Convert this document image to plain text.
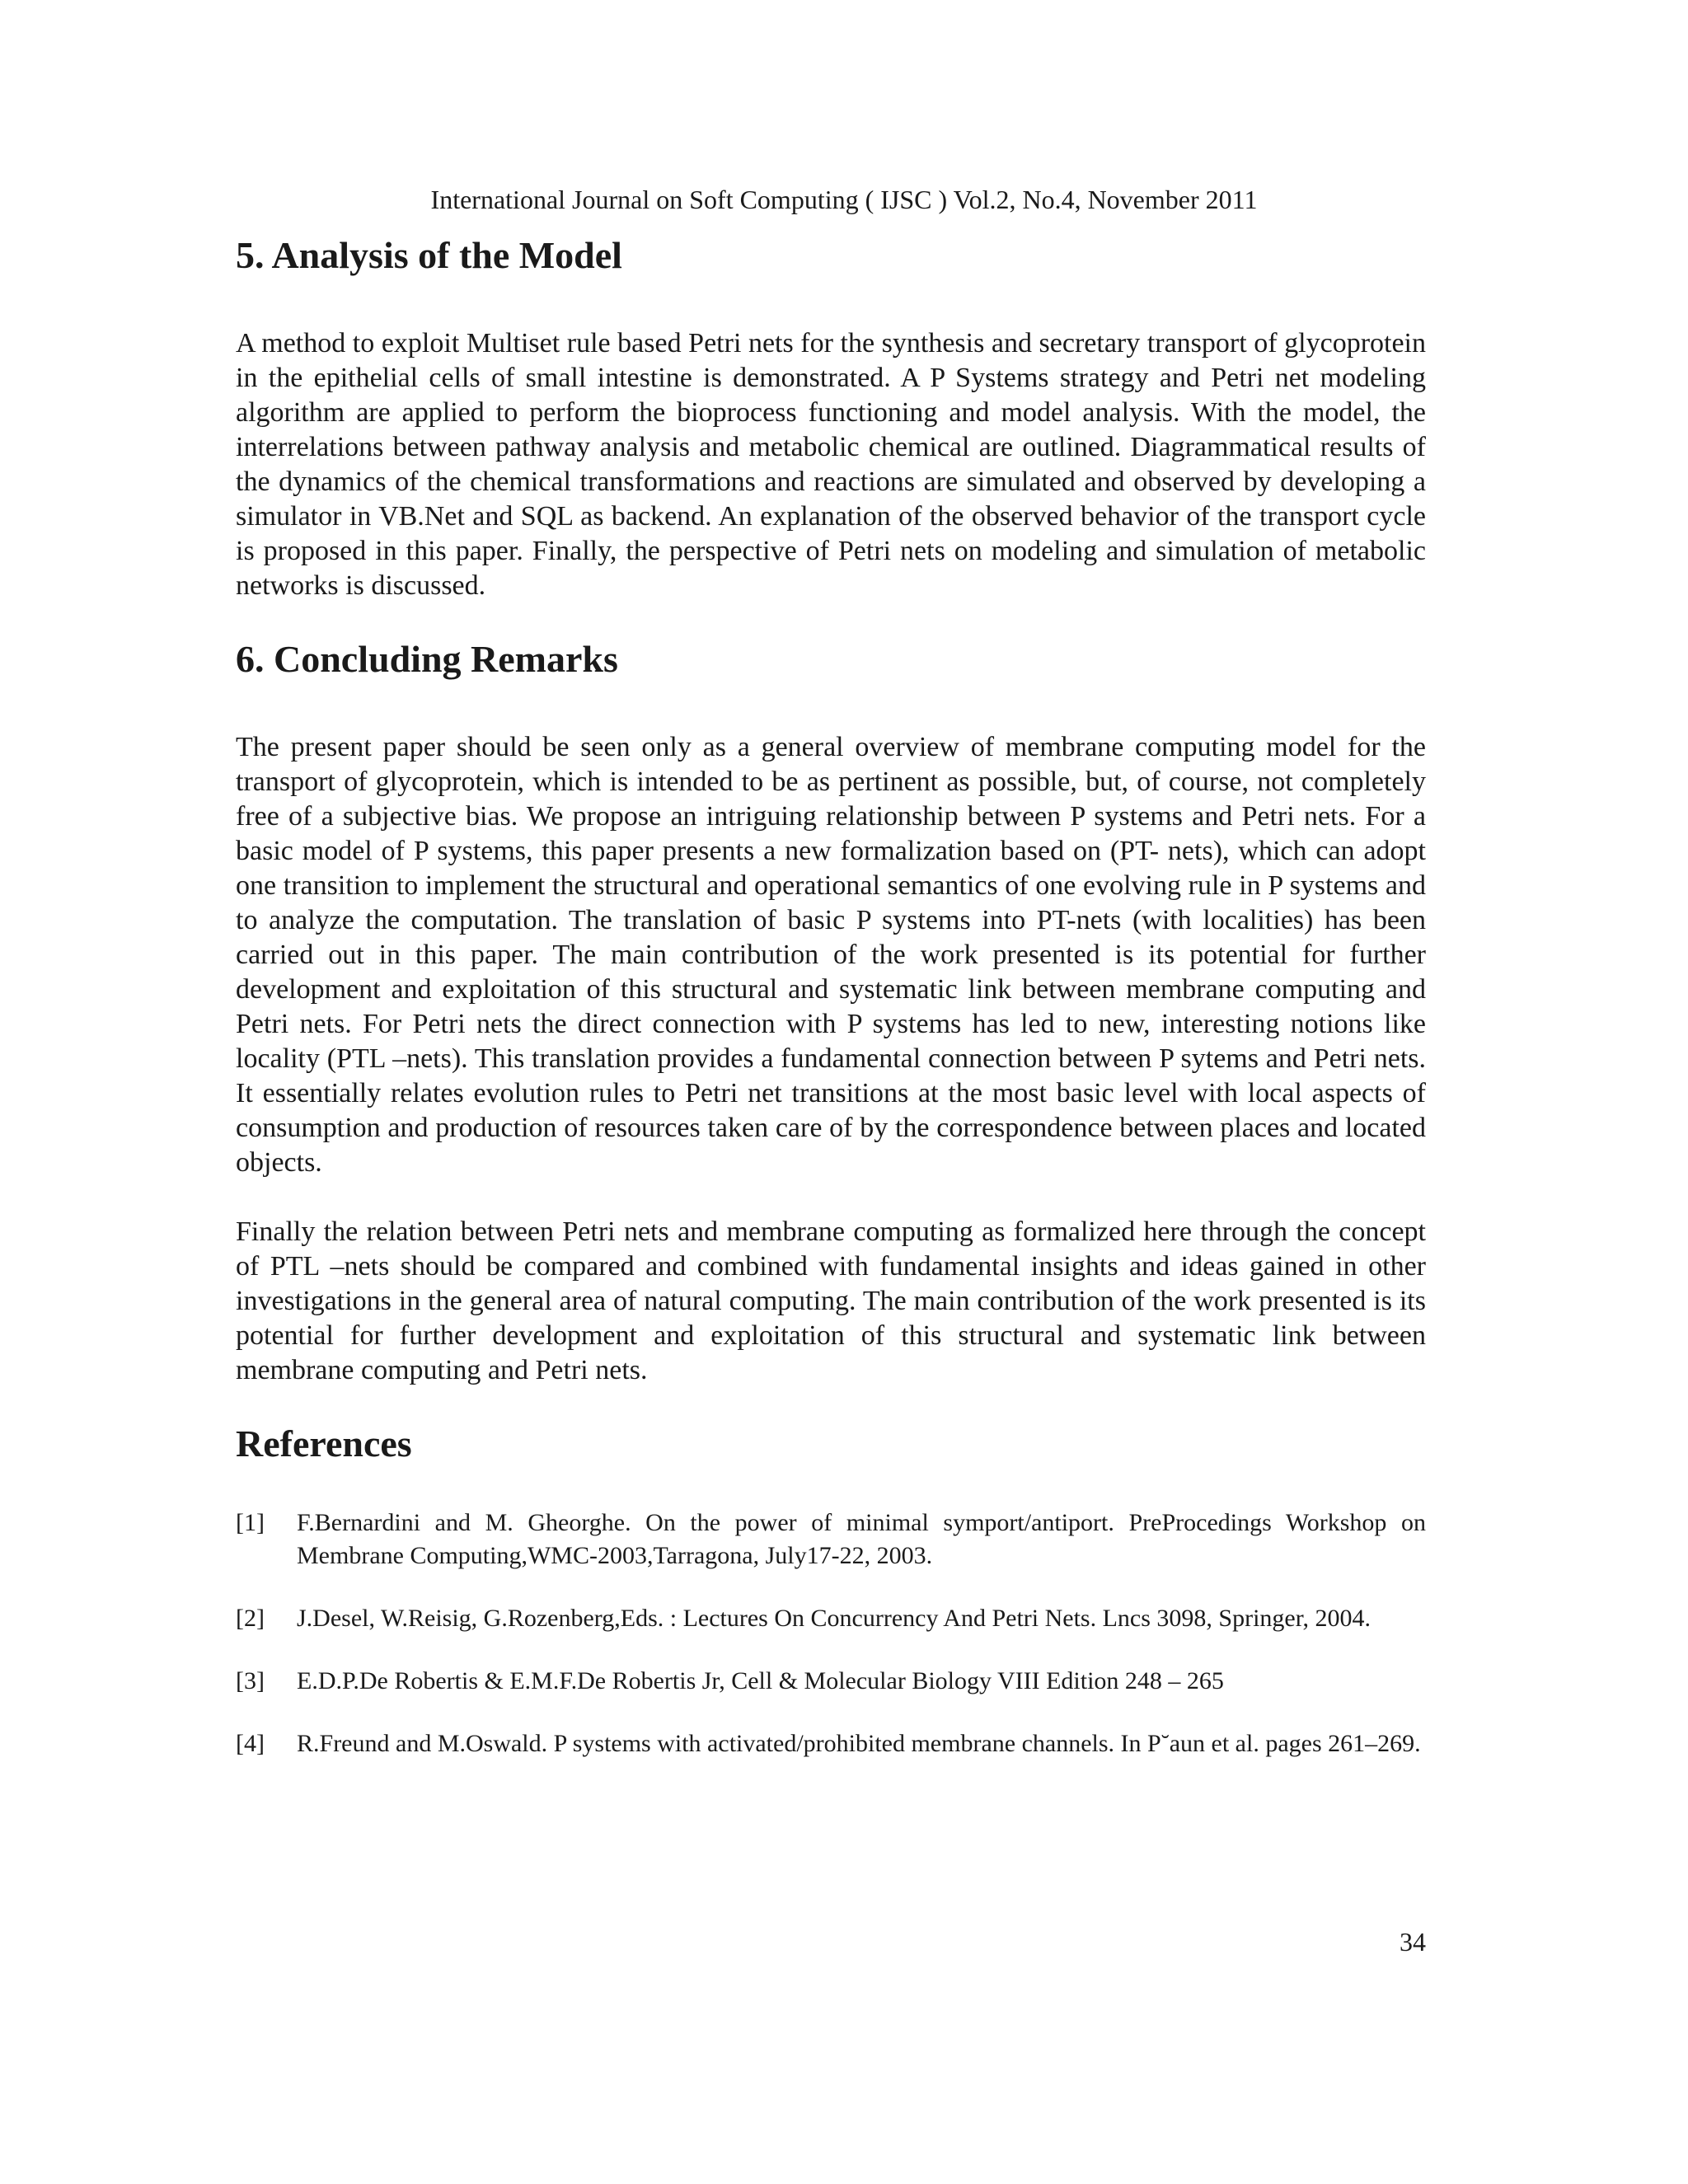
International Journal on Soft Computing ( IJSC ) Vol.2, No.4, November 2011
5. Analysis of the Model

A method to exploit Multiset rule based Petri nets for the synthesis and secretary transport of glycoprotein in the epithelial cells of small intestine is demonstrated. A P Systems strategy and Petri net modeling algorithm are applied to perform the bioprocess functioning and model analysis. With the model, the interrelations between pathway analysis and metabolic chemical are outlined. Diagrammatical results of the dynamics of the chemical transformations and reactions are simulated and observed by developing a simulator in VB.Net and SQL as backend. An explanation of the observed behavior of the transport cycle is proposed in this paper. Finally, the perspective of Petri nets on modeling and simulation of metabolic networks is discussed.

6. Concluding Remarks

The present paper should be seen only as a general overview of membrane computing model for the transport of glycoprotein, which is intended to be as pertinent as possible, but, of course, not completely free of a subjective bias. We propose an intriguing relationship between P systems and Petri nets. For a basic model of P systems, this paper presents a new formalization based on (PT- nets), which can adopt one transition to implement the structural and operational semantics of one evolving rule in P systems and to analyze the computation. The translation of basic P systems into PT-nets (with localities) has been carried out in this paper. The main contribution of the work presented is its potential for further development and exploitation of this structural and systematic link between membrane computing and Petri nets. For Petri nets the direct connection with P systems has led to new, interesting notions like locality (PTL –nets). This translation provides a fundamental connection between P sytems and Petri nets. It essentially relates evolution rules to Petri net transitions at the most basic level with local aspects of consumption and production of resources taken care of by the correspondence between places and located objects.

Finally the relation between Petri nets and membrane computing as formalized here through the concept of PTL –nets should be compared and combined with fundamental insights and ideas gained in other investigations in the general area of natural computing. The main contribution of the work presented is its potential for further development and exploitation of this structural and systematic link between membrane computing and Petri nets.

References
[1]	F.Bernardini and M. Gheorghe. On the power of minimal symport/antiport. PreProcedings Workshop on Membrane Computing,WMC-2003,Tarragona, July17-22, 2003.
[2]	J.Desel, W.Reisig, G.Rozenberg,Eds. : Lectures On Concurrency And Petri Nets. Lncs 3098, Springer, 2004.
[3]	E.D.P.De Robertis & E.M.F.De Robertis Jr, Cell & Molecular Biology VIII Edition 248 – 265
[4]	R.Freund and M.Oswald. P systems with activated/prohibited membrane channels. In P˘aun et al. pages 261–269.
34
